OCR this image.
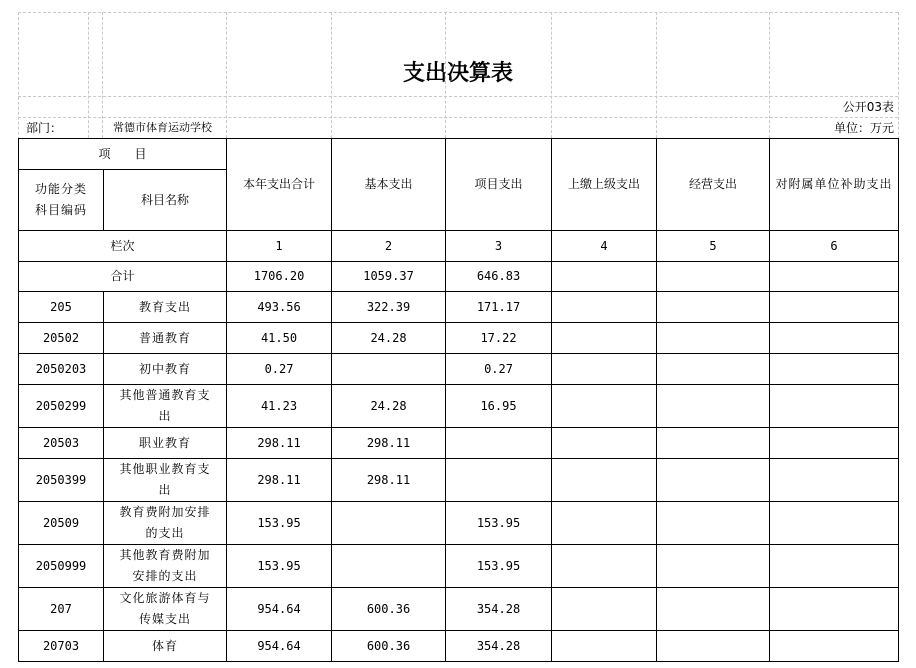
支出决算表
公开03表
部门：	常德市体育运动学校	单位：万元
项　　目		本年支出合计	基本支出	项目支出	上缴上级支出	经营支出	对附属单位补助支出
功能分类科目编码	科目名称						
栏次		1	2	3	4	5	6
合计		1706.20	1059.37	646.83			
205	教育支出	493.56	322.39	171.17			
20502	普通教育	41.50	24.28	17.22			
2050203	初中教育	0.27		0.27			
2050299	其他普通教育支出	41.23	24.28	16.95			
20503	职业教育	298.11	298.11				
2050399	其他职业教育支出	298.11	298.11				
20509	教育费附加安排的支出	153.95		153.95			
2050999	其他教育费附加安排的支出	153.95		153.95			
207	文化旅游体育与传媒支出	954.64	600.36	354.28			
20703	体育	954.64	600.36	354.28			
